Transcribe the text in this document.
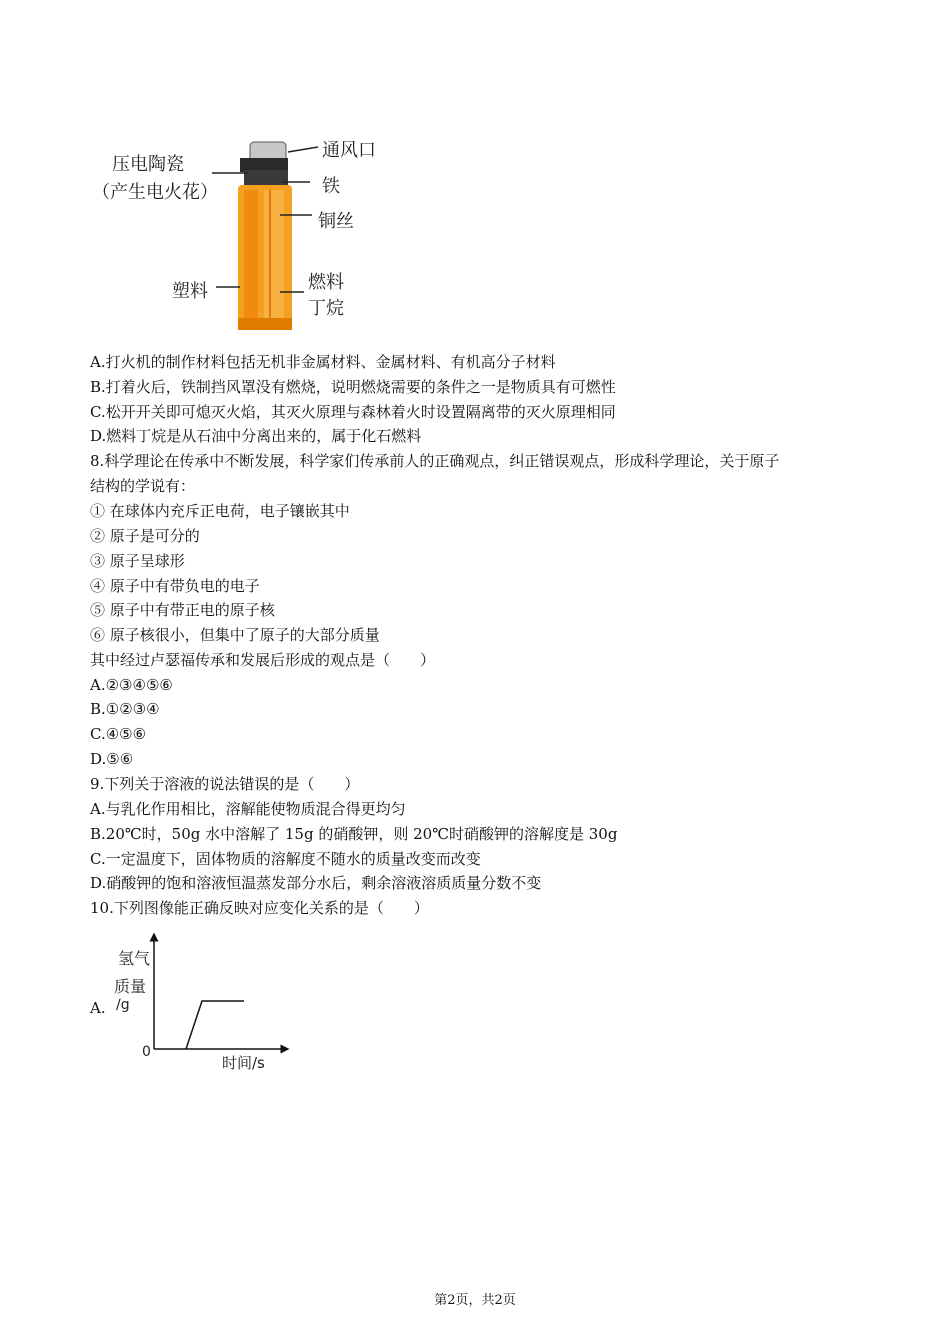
压电陶瓷
（产生电火花）
通风口
铁
铜丝
塑料	燃料
丁烷
A.打火机的制作材料包括无机非金属材料、金属材料、有机高分子材料
B.打着火后，铁制挡风罩没有燃烧，说明燃烧需要的条件之一是物质具有可燃性
C.松开开关即可熄灭火焰，其灭火原理与森林着火时设置隔离带的灭火原理相同
D.燃料丁烷是从石油中分离出来的，属于化石燃料
8.科学理论在传承中不断发展，科学家们传承前人的正确观点，纠正错误观点，形成科学理论，关于原子
结构的学说有：
① 在球体内充斥正电荷，电子镶嵌其中
② 原子是可分的
③ 原子呈球形
④ 原子中有带负电的电子
⑤ 原子中有带正电的原子核
⑥ 原子核很小，但集中了原子的大部分质量
其中经过卢瑟福传承和发展后形成的观点是（　　）
A.②③④⑤⑥
B.①②③④
C.④⑤⑥
D.⑤⑥
9.下列关于溶液的说法错误的是（　　）
A.与乳化作用相比，溶解能使物质混合得更均匀
B.20℃时，50g 水中溶解了 15g 的硝酸钾，则 20℃时硝酸钾的溶解度是 30g
C.一定温度下，固体物质的溶解度不随水的质量改变而改变
D.硝酸钾的饱和溶液恒温蒸发部分水后，剩余溶液溶质质量分数不变
10.下列图像能正确反映对应变化关系的是（　　）
A.
氢气
质量
/g
0
时间/s
第2页，共2页
